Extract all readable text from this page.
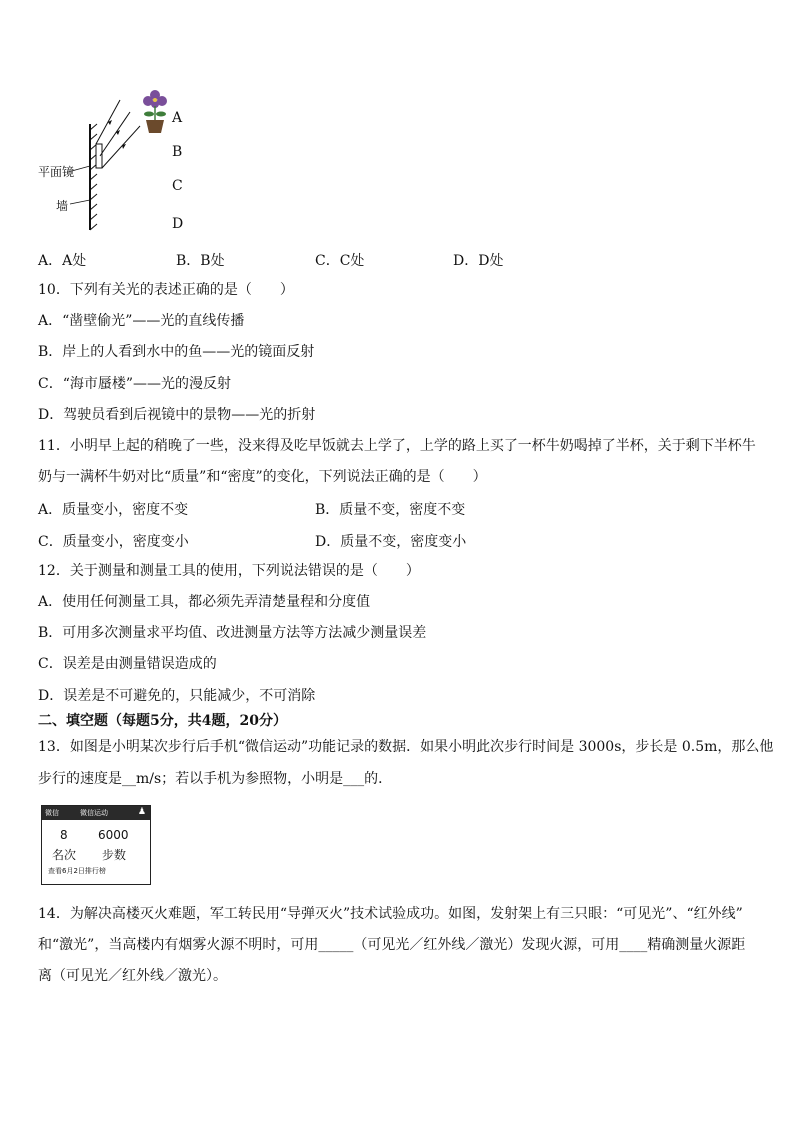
平面镜
墙
A
B
C
D
A．A处	B．B处	C．C处	D．D处
10．下列有关光的表述正确的是（　　）
A．“凿壁偷光”——光的直线传播
B．岸上的人看到水中的鱼——光的镜面反射
C．“海市蜃楼”——光的漫反射
D．驾驶员看到后视镜中的景物——光的折射
11．小明早上起的稍晚了一些，没来得及吃早饭就去上学了，上学的路上买了一杯牛奶喝掉了半杯，关于剩下半杯牛
奶与一满杯牛奶对比“质量”和“密度”的变化，下列说法正确的是（　　）
A．质量变小，密度不变	B．质量不变，密度不变
C．质量变小，密度变小	D．质量不变，密度变小
12．关于测量和测量工具的使用，下列说法错误的是（　　）
A．使用任何测量工具，都必须先弄清楚量程和分度值
B．可用多次测量求平均值、改进测量方法等方法减少测量误差
C．误差是由测量错误造成的
D．误差是不可避免的，只能减少，不可消除
二、填空题（每题5分，共4题，20分）
13．如图是小明某次步行后手机“微信运动”功能记录的数据．如果小明此次步行时间是 3000s，步长是 0.5m，那么他
步行的速度是__m/s；若以手机为参照物，小明是___的．
微信	微信运动	♟
8	6000
名次 步数
查看6月2日排行榜
14．为解决高楼灭火难题，军工转民用“导弹灭火”技术试验成功。如图，发射架上有三只眼：“可见光”、“红外线”
和“激光”，当高楼内有烟雾火源不明时，可用_____（可见光／红外线／激光）发现火源，可用____精确测量火源距
离（可见光／红外线／激光）。
